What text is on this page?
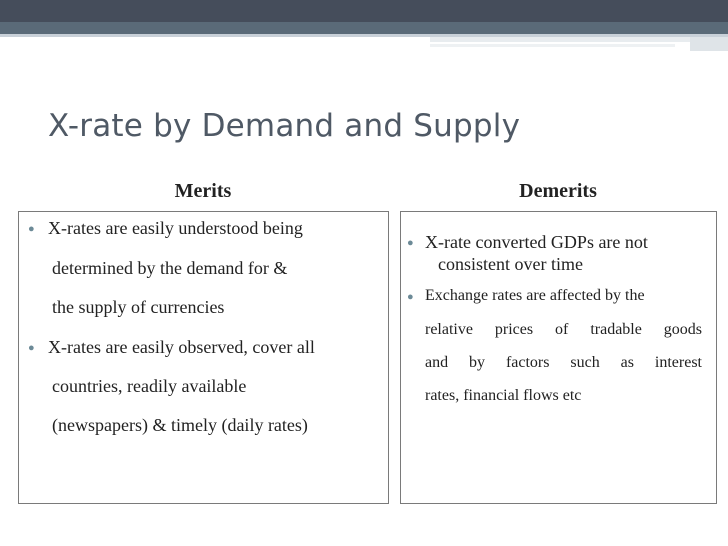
X-rate by Demand and Supply
Merits	Demerits
● X-rates are easily understood being
determined by the demand for &
the supply of currencies
● X-rates are easily observed, cover all
countries, readily available
(newspapers) & timely (daily rates)
● X-rate converted GDPs are not
consistent over time
● Exchange rates are affected by the
relative prices of tradable goods
and by factors such as interest
rates, financial flows etc
